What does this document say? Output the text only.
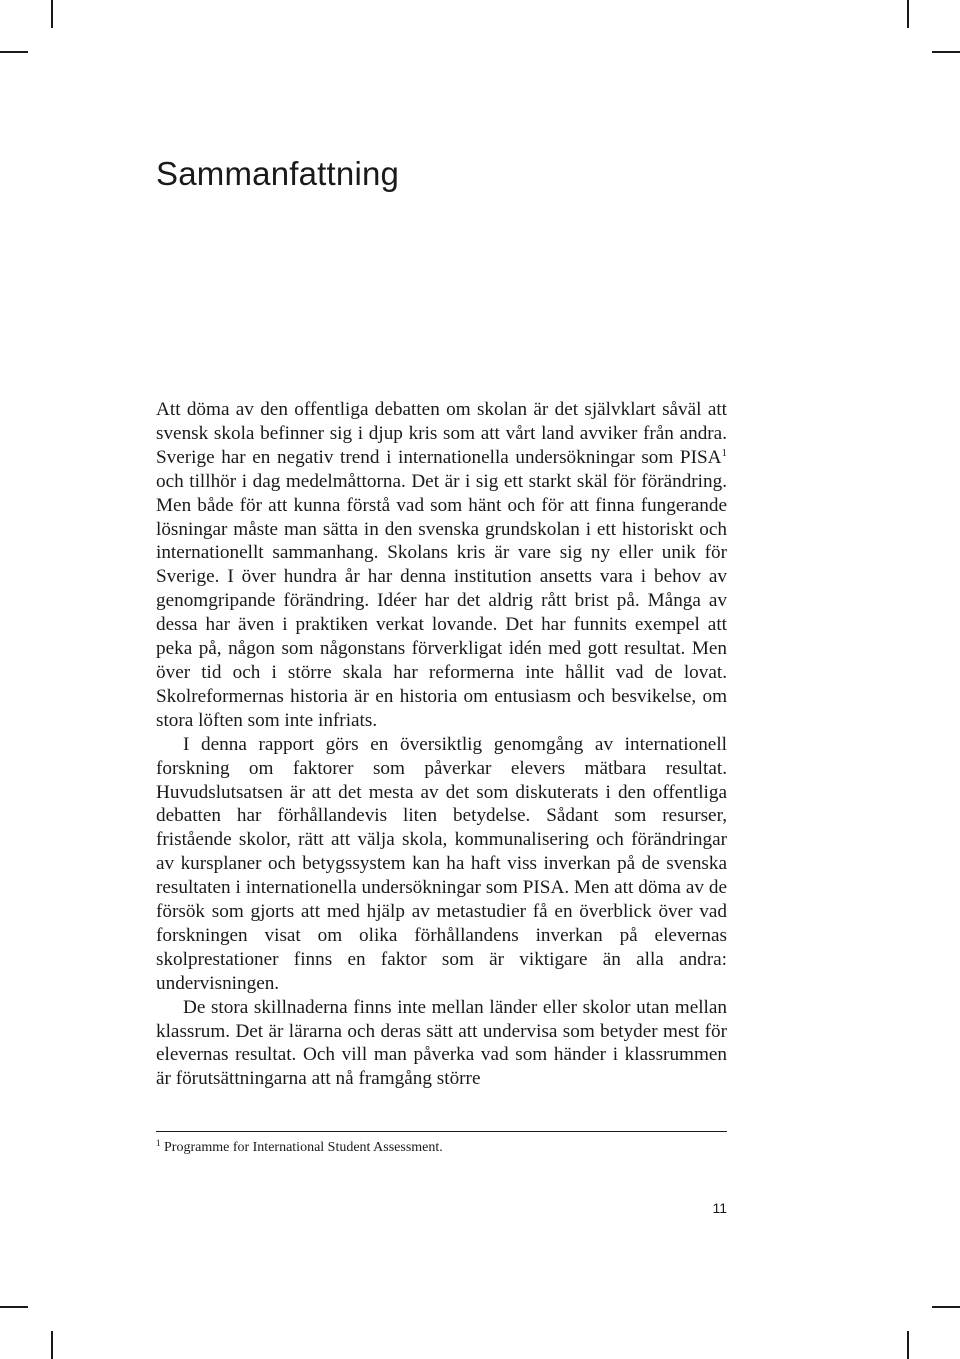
Sammanfattning

Att döma av den offentliga debatten om skolan är det självklart såväl att svensk skola befinner sig i djup kris som att vårt land avviker från andra. Sverige har en negativ trend i internationella undersökningar som PISA$^1$ och tillhör i dag medelmåttorna. Det är i sig ett starkt skäl för förändring. Men både för att kunna förstå vad som hänt och för att finna fungerande lösningar måste man sätta in den svenska grundskolan i ett historiskt och internationellt sammanhang. Skolans kris är vare sig ny eller unik för Sverige. I över hundra år har denna institution ansetts vara i behov av genomgripande förändring. Idéer har det aldrig rått brist på. Många av dessa har även i praktiken verkat lovande. Det har funnits exempel att peka på, någon som någonstans förverkligat idén med gott resultat. Men över tid och i större skala har reformerna inte hållit vad de lovat. Skolreformernas historia är en historia om entusiasm och besvikelse, om stora löften som inte infriats.

I denna rapport görs en översiktlig genomgång av internationell forskning om faktorer som påverkar elevers mätbara resultat. Huvudslutsatsen är att det mesta av det som diskuterats i den offentliga debatten har förhållandevis liten betydelse. Sådant som resurser, fristående skolor, rätt att välja skola, kommunalisering och förändringar av kursplaner och betygssystem kan ha haft viss inverkan på de svenska resultaten i internationella undersökningar som PISA. Men att döma av de försök som gjorts att med hjälp av metastudier få en överblick över vad forskningen visat om olika förhållandens inverkan på elevernas skolprestationer finns en faktor som är viktigare än alla andra: undervisningen.

De stora skillnaderna finns inte mellan länder eller skolor utan mellan klassrum. Det är lärarna och deras sätt att undervisa som betyder mest för elevernas resultat. Och vill man påverka vad som händer i klassrummen är förutsättningarna att nå framgång större

$^1$ Programme for International Student Assessment.
11
